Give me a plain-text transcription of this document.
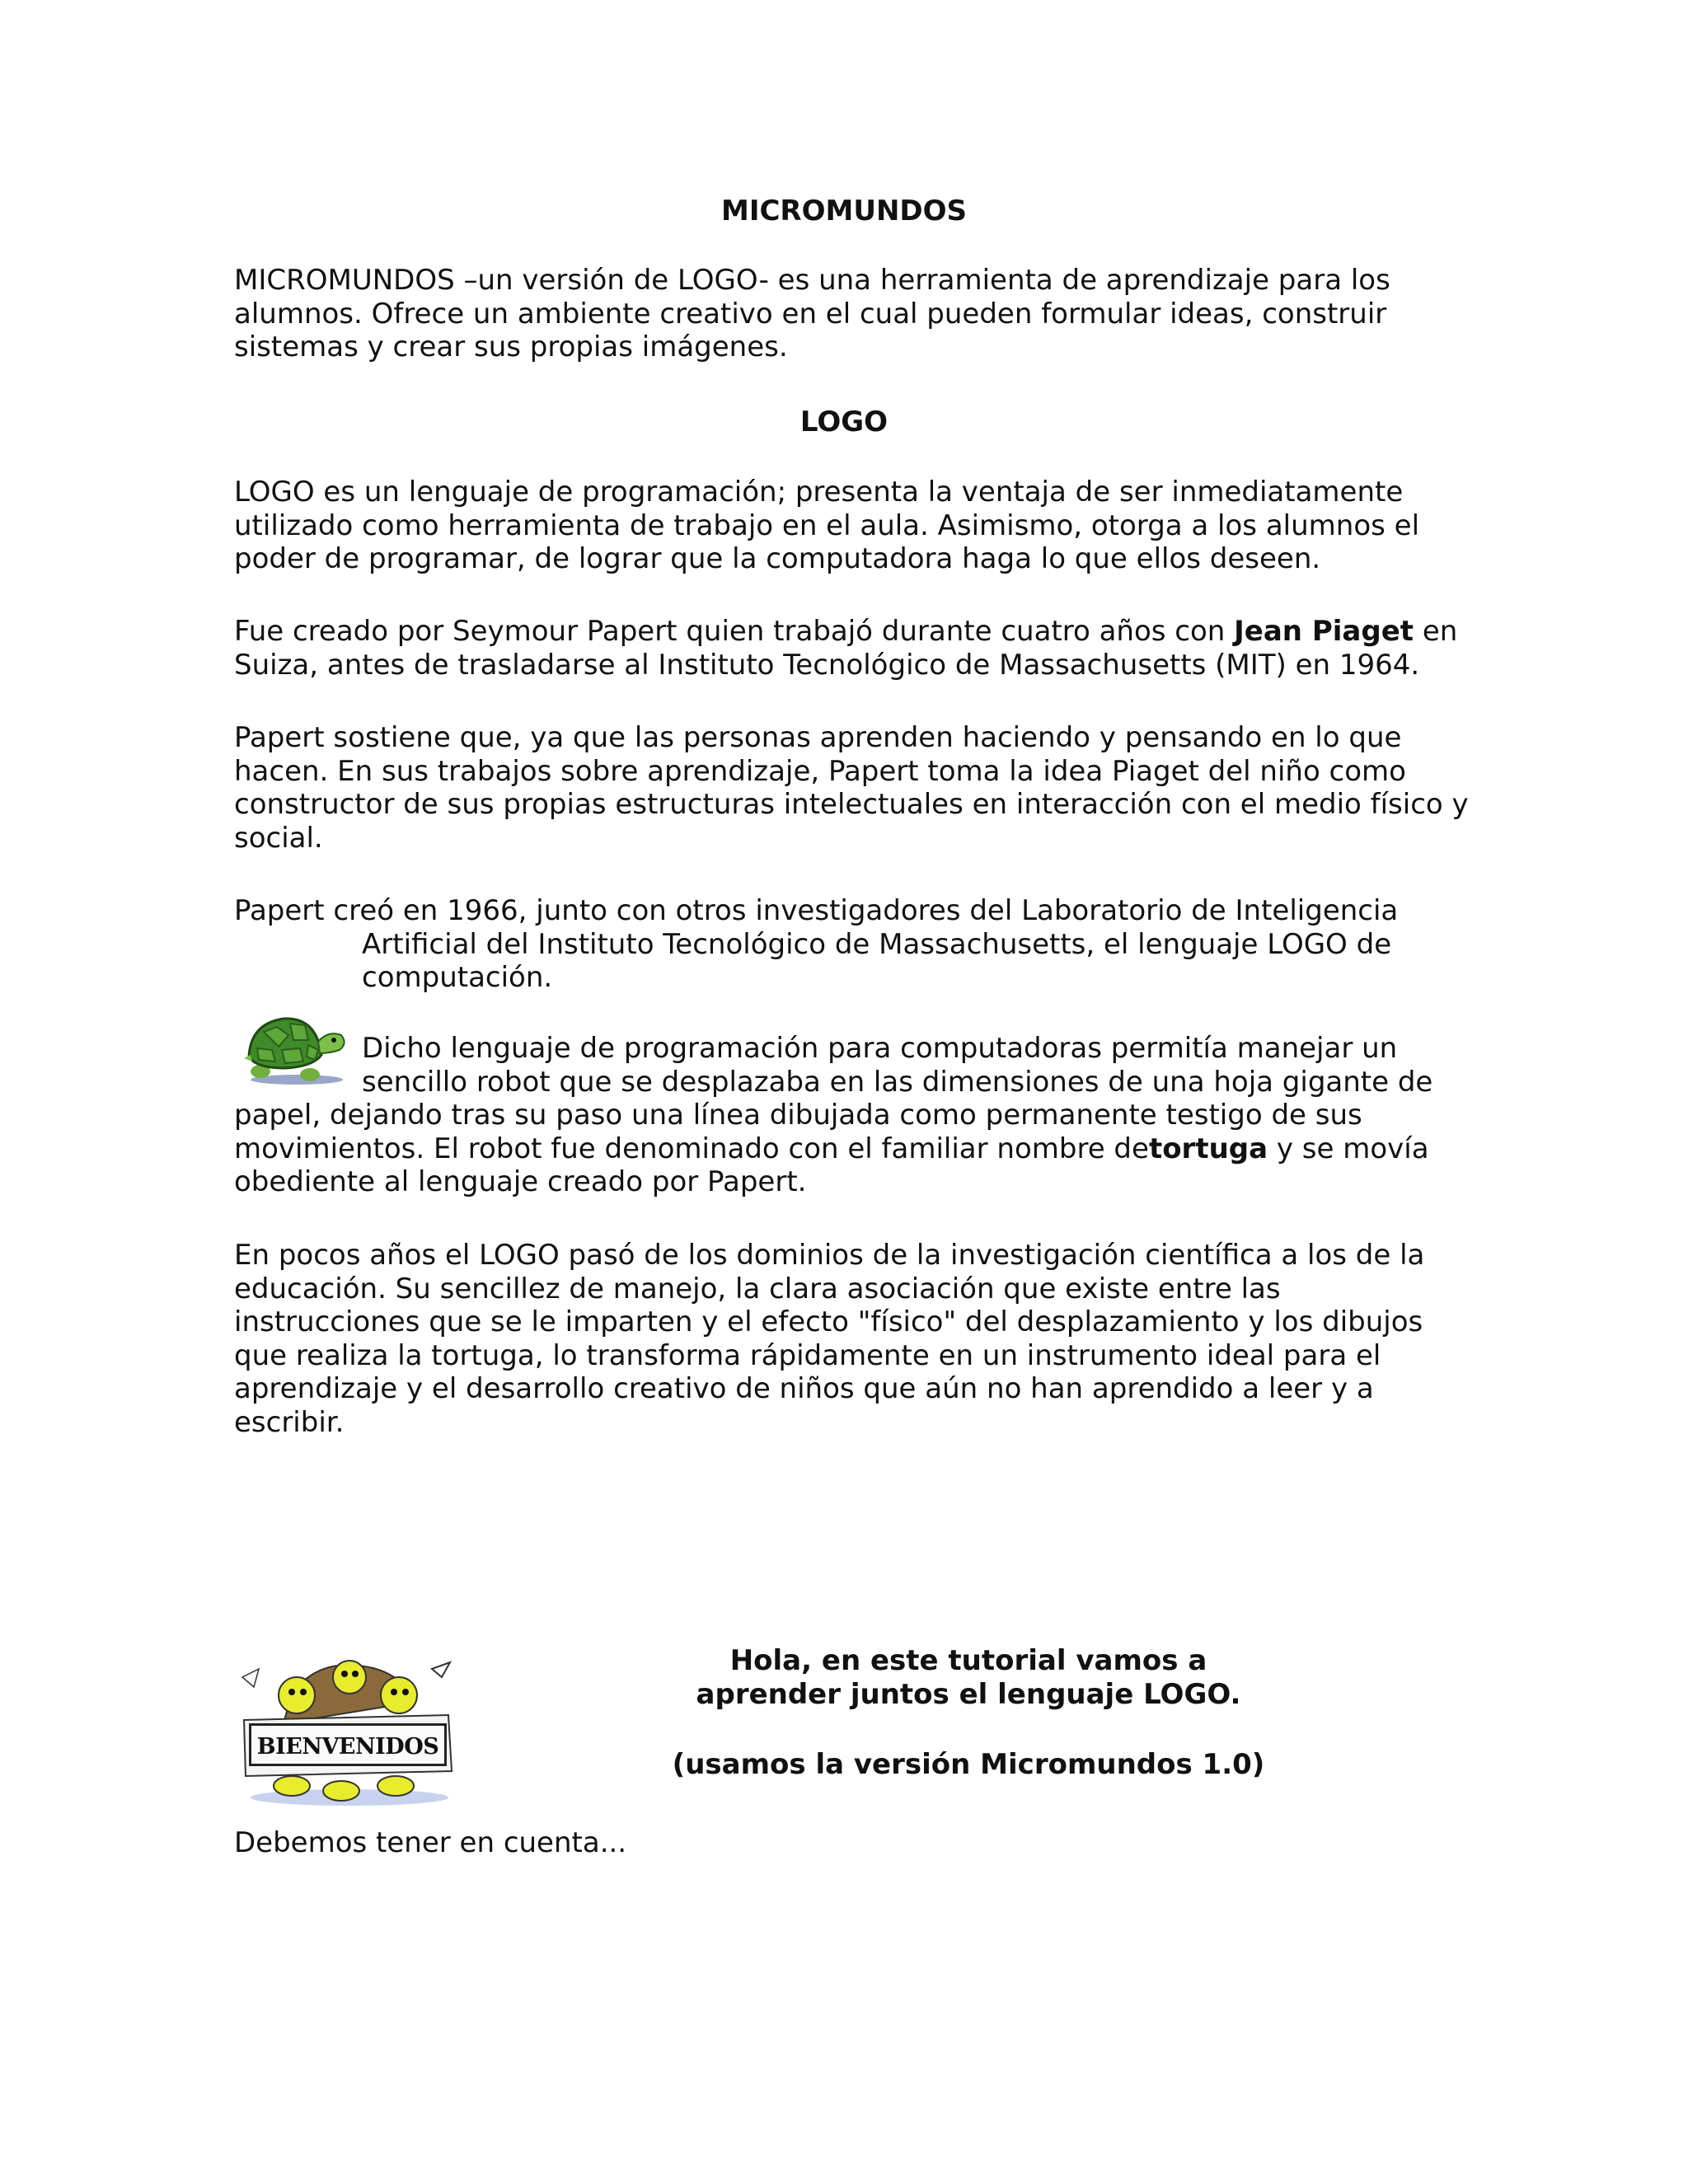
MICROMUNDOS

MICROMUNDOS –un versión de LOGO- es una herramienta de aprendizaje para los
alumnos. Ofrece un ambiente creativo en el cual pueden formular ideas, construir
sistemas y crear sus propias imágenes.

LOGO

LOGO es un lenguaje de programación; presenta la ventaja de ser inmediatamente
utilizado como herramienta de trabajo en el aula. Asimismo, otorga a los alumnos el
poder de programar, de lograr que la computadora haga lo que ellos deseen.

Fue creado por Seymour Papert quien trabajó durante cuatro años con Jean Piaget en
Suiza, antes de trasladarse al Instituto Tecnológico de Massachusetts (MIT) en 1964.

Papert sostiene que, ya que las personas aprenden haciendo y pensando en lo que
hacen. En sus trabajos sobre aprendizaje, Papert toma la idea Piaget del niño como
constructor de sus propias estructuras intelectuales en interacción con el medio físico y
social.

Papert creó en 1966, junto con otros investigadores del Laboratorio de Inteligencia
Artificial del Instituto Tecnológico de Massachusetts, el lenguaje LOGO de
computación.

Dicho lenguaje de programación para computadoras permitía manejar un
sencillo robot que se desplazaba en las dimensiones de una hoja gigante de
papel, dejando tras su paso una línea dibujada como permanente testigo de sus
movimientos. El robot fue denominado con el familiar nombre detortuga y se movía
obediente al lenguaje creado por Papert.

En pocos años el LOGO pasó de los dominios de la investigación científica a los de la
educación. Su sencillez de manejo, la clara asociación que existe entre las
instrucciones que se le imparten y el efecto "físico" del desplazamiento y los dibujos
que realiza la tortuga, lo transforma rápidamente en un instrumento ideal para el
aprendizaje y el desarrollo creativo de niños que aún no han aprendido a leer y a
escribir.

BIENVENIDOS

Hola, en este tutorial vamos a
aprender juntos el lenguaje LOGO.

(usamos la versión Micromundos 1.0)

Debemos tener en cuenta...
